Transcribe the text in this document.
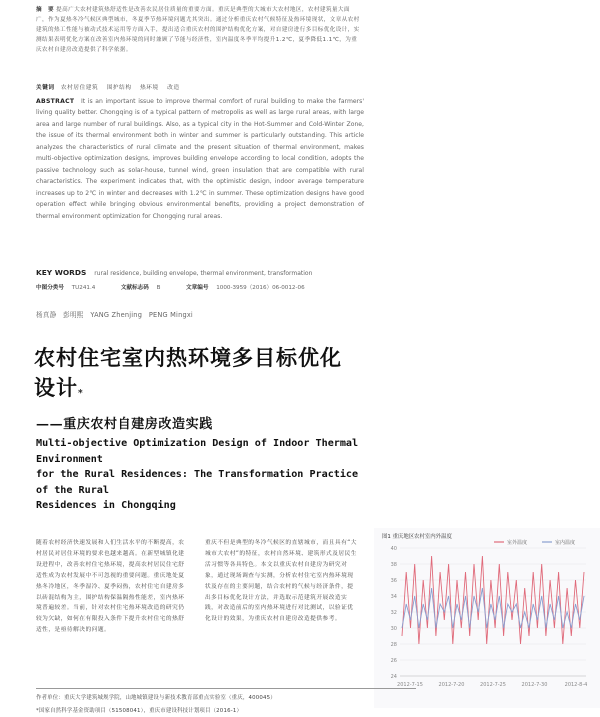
摘　要 提高广大农村建筑热舒适性是改善农民居住质量的重要方面。重庆是典型的大城市大农村地区，农村建筑量大面广，作为夏热冬冷气候区典型城市，冬夏季节热环境问题尤其突出。通过分析重庆农村气候特征及热环境现状，文章从农村建筑的热工性能与被动式技术运用等方面入手，提出适合重庆农村的围护结构优化方案，对自建房进行多目标优化设计，实测结果表明优化方案在改善室内热环境的同时兼顾了节能与经济性，室内温度冬季平均提升1.2℃，夏季降低1.1℃，为重庆农村自建房改造提供了科学依据。
关键词 农村居住建筑　 围护结构　 热环境　 改造
ABSTRACT It is an important issue to improve thermal comfort of rural building to make the farmers' living quality better. Chongqing is of a typical pattern of metropolis as well as large rural areas, with large area and large number of rural buildings. Also, as a typical city in the Hot-Summer and Cold-Winter Zone, the issue of its thermal environment both in winter and summer is particularly outstanding. This article analyzes the characteristics of rural climate and the present situation of thermal environment, makes multi-objective optimization designs, improves building envelope according to local condition, adopts the passive technology such as solar-house, tunnel wind, green insulation that are compatible with rural characteristics. The experiment indicates that, with the optimistic design, indoor average temperature increases up to 2℃ in winter and decreases with 1.2℃ in summer. These optimization designs have good operation effect while bringing obvious environmental benefits, providing a project demonstration of thermal environment optimization for Chongqing rural areas.
KEY WORDS rural residence, building envelope, thermal environment, transformation
中图分类号 TU241.4	文献标志码 B	文章编号 1000-3959（2016）06-0012-06
杨真静　彭明熙　YANG Zhenjing　PENG Mingxi
农村住宅室内热环境多目标优化
设计*
——重庆农村自建房改造实践
Multi-objective Optimization Design of Indoor Thermal Environment
for the Rural Residences: The Transformation Practice of the Rural
Residences in Chongqing
随着农村经济快速发展和人们生活水平的不断提高，农村居民对居住环境的要求也越来越高。在新型城镇化建设进程中，改善农村住宅热环境，提高农村居民住宅舒适性成为农村发展中不可忽视的重要问题。重庆地处夏热冬冷地区，冬季湿冷、夏季闷热，农村住宅自建房多以砖混结构为主，围护结构保温隔热性能差，室内热环境普遍较差。当前，针对农村住宅热环境改造的研究仍较为欠缺，如何在有限投入条件下提升农村住宅的热舒适性，是亟待解决的问题。
重庆不但是典型的冬冷气候区的直辖城市，而且具有“大城市大农村”的特征，农村自然环境、建筑形式及居民生活习惯等各具特色。本文以重庆农村自建房为研究对象，通过现场调查与实测，分析农村住宅室内热环境现状及存在的主要问题，结合农村的气候与经济条件，提出多目标优化设计方法，并选取示范建筑开展改造实践，对改造前后的室内热环境进行对比测试，以验证优化设计的效果，为重庆农村自建房改造提供参考。
24
26
28
30
32
34
36
38
40
2012-7-15	2012-7-20	2012-7-25	2012-7-30	2012-8-4
室外温度	室内温度
图1 重庆地区农村室内外温度
作者单位：重庆大学建筑城规学院，山地城镇建设与新技术教育部重点实验室（重庆，400045）
*国家自然科学基金资助项目（51508041），重庆市建设科技计划项目（2016-1）
